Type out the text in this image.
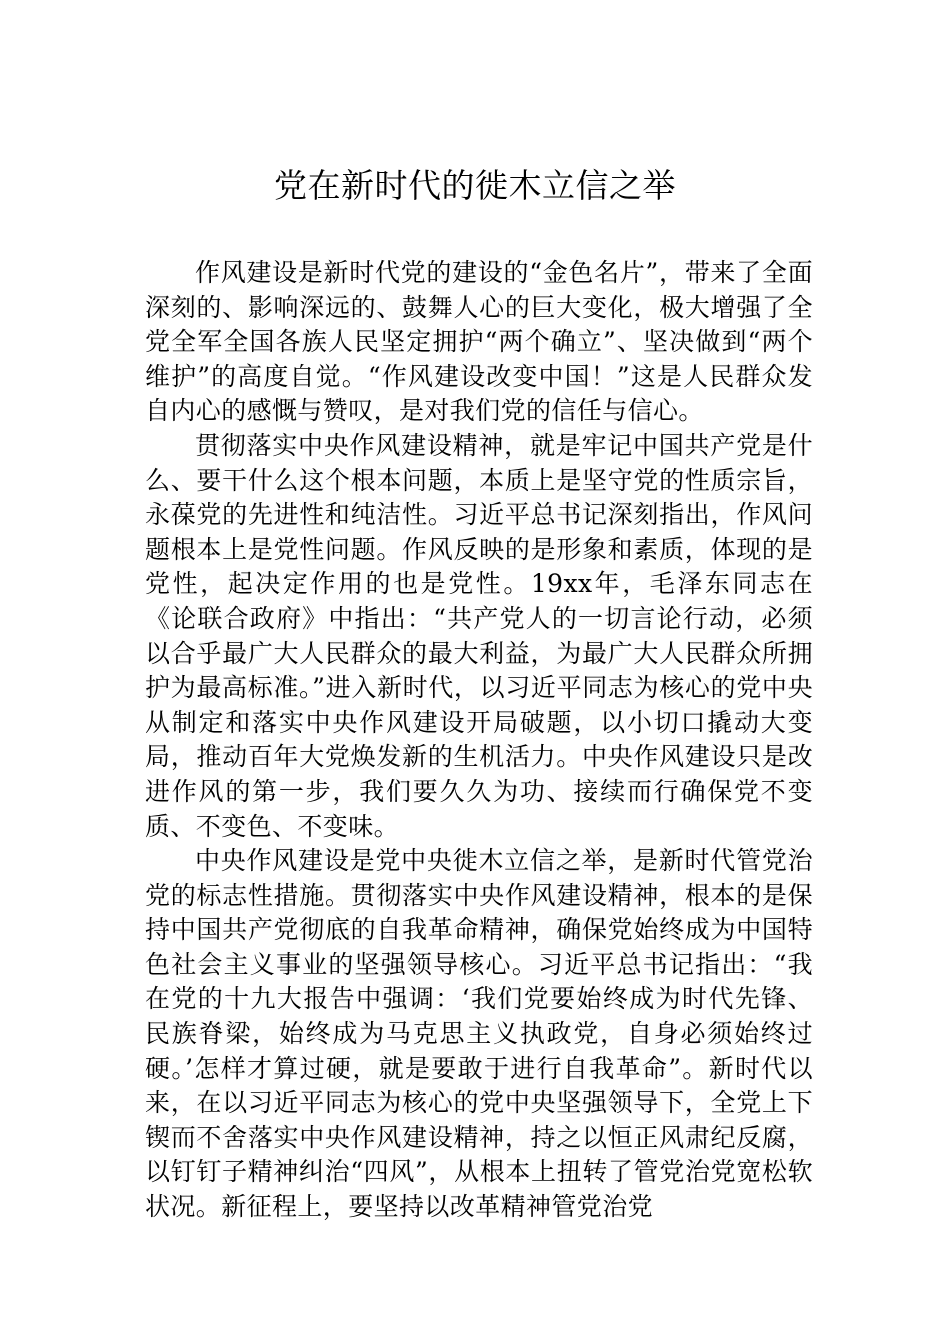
党在新时代的徙木立信之举

作风建设是新时代党的建设的“金色名片”，带来了全面深刻的、影响深远的、鼓舞人心的巨大变化，极大增强了全党全军全国各族人民坚定拥护“两个确立”、坚决做到“两个维护”的高度自觉。“作风建设改变中国！”这是人民群众发自内心的感慨与赞叹，是对我们党的信任与信心。

贯彻落实中央作风建设精神，就是牢记中国共产党是什么、要干什么这个根本问题，本质上是坚守党的性质宗旨，永葆党的先进性和纯洁性。习近平总书记深刻指出，作风问题根本上是党性问题。作风反映的是形象和素质，体现的是党性，起决定作用的也是党性。19xx年，毛泽东同志在《论联合政府》中指出：“共产党人的一切言论行动，必须以合乎最广大人民群众的最大利益，为最广大人民群众所拥护为最高标准。”进入新时代，以习近平同志为核心的党中央从制定和落实中央作风建设开局破题，以小切口撬动大变局，推动百年大党焕发新的生机活力。中央作风建设只是改进作风的第一步，我们要久久为功、接续而行确保党不变质、不变色、不变味。

中央作风建设是党中央徙木立信之举，是新时代管党治党的标志性措施。贯彻落实中央作风建设精神，根本的是保持中国共产党彻底的自我革命精神，确保党始终成为中国特色社会主义事业的坚强领导核心。习近平总书记指出：“我在党的十九大报告中强调：‘我们党要始终成为时代先锋、民族脊梁，始终成为马克思主义执政党，自身必须始终过硬。’怎样才算过硬，就是要敢于进行自我革命”。新时代以来，在以习近平同志为核心的党中央坚强领导下，全党上下锲而不舍落实中央作风建设精神，持之以恒正风肃纪反腐，以钉钉子精神纠治“四风”，从根本上扭转了管党治党宽松软状况。新征程上，要坚持以改革精神管党治党
